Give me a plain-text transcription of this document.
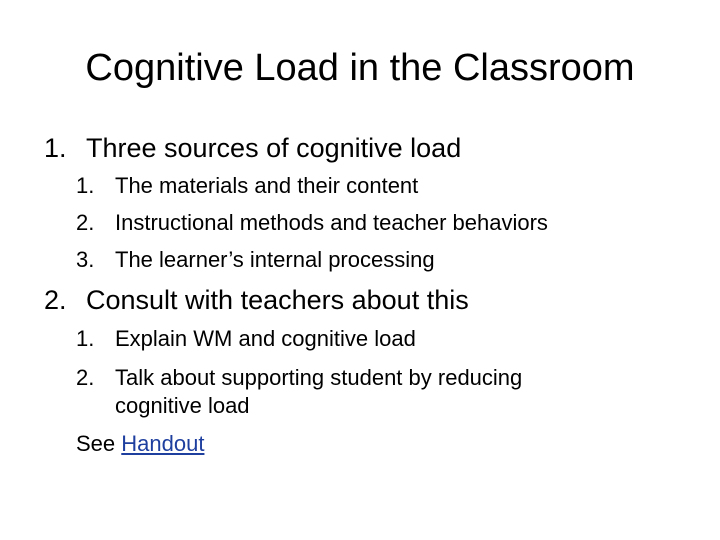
Cognitive Load in the Classroom
1. Three sources of cognitive load
1. The materials and their content
2. Instructional methods and teacher behaviors
3. The learner’s internal processing
2. Consult with teachers about this
1. Explain WM and cognitive load
2. Talk about supporting student by reducing
cognitive load
See Handout
